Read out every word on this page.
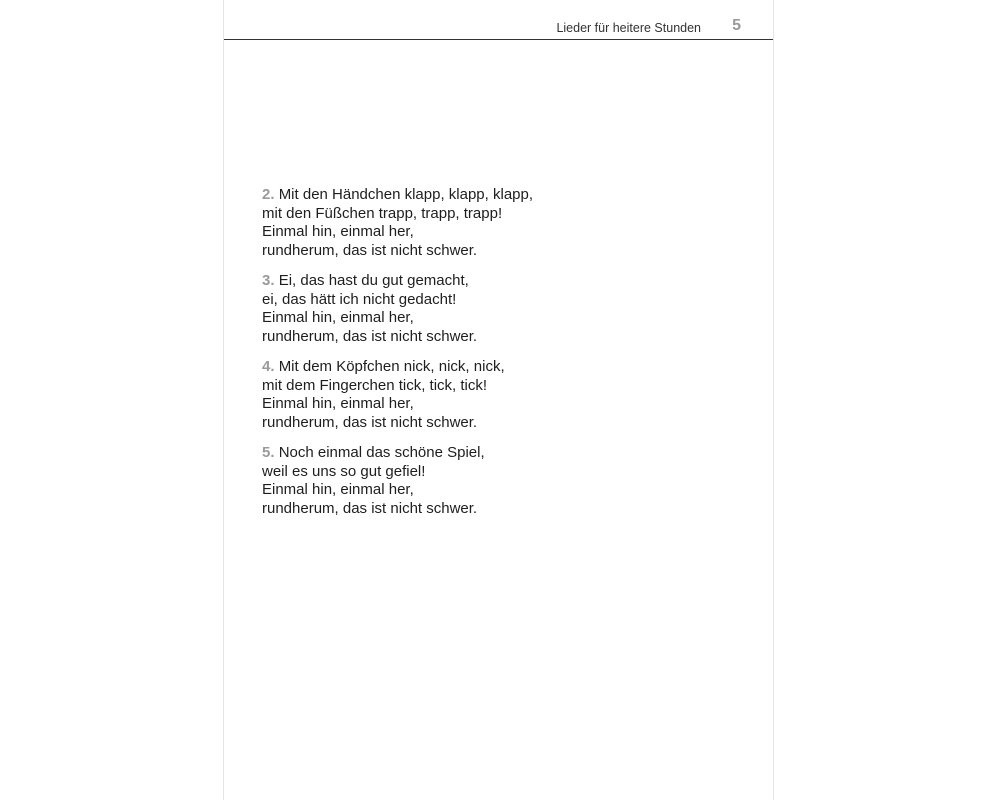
Lieder für heitere Stunden 5
2. Mit den Händchen klapp, klapp, klapp,
mit den Füßchen trapp, trapp, trapp!
Einmal hin, einmal her,
rundherum, das ist nicht schwer.
3. Ei, das hast du gut gemacht,
ei, das hätt ich nicht gedacht!
Einmal hin, einmal her,
rundherum, das ist nicht schwer.
4. Mit dem Köpfchen nick, nick, nick,
mit dem Fingerchen tick, tick, tick!
Einmal hin, einmal her,
rundherum, das ist nicht schwer.
5. Noch einmal das schöne Spiel,
weil es uns so gut gefiel!
Einmal hin, einmal her,
rundherum, das ist nicht schwer.
